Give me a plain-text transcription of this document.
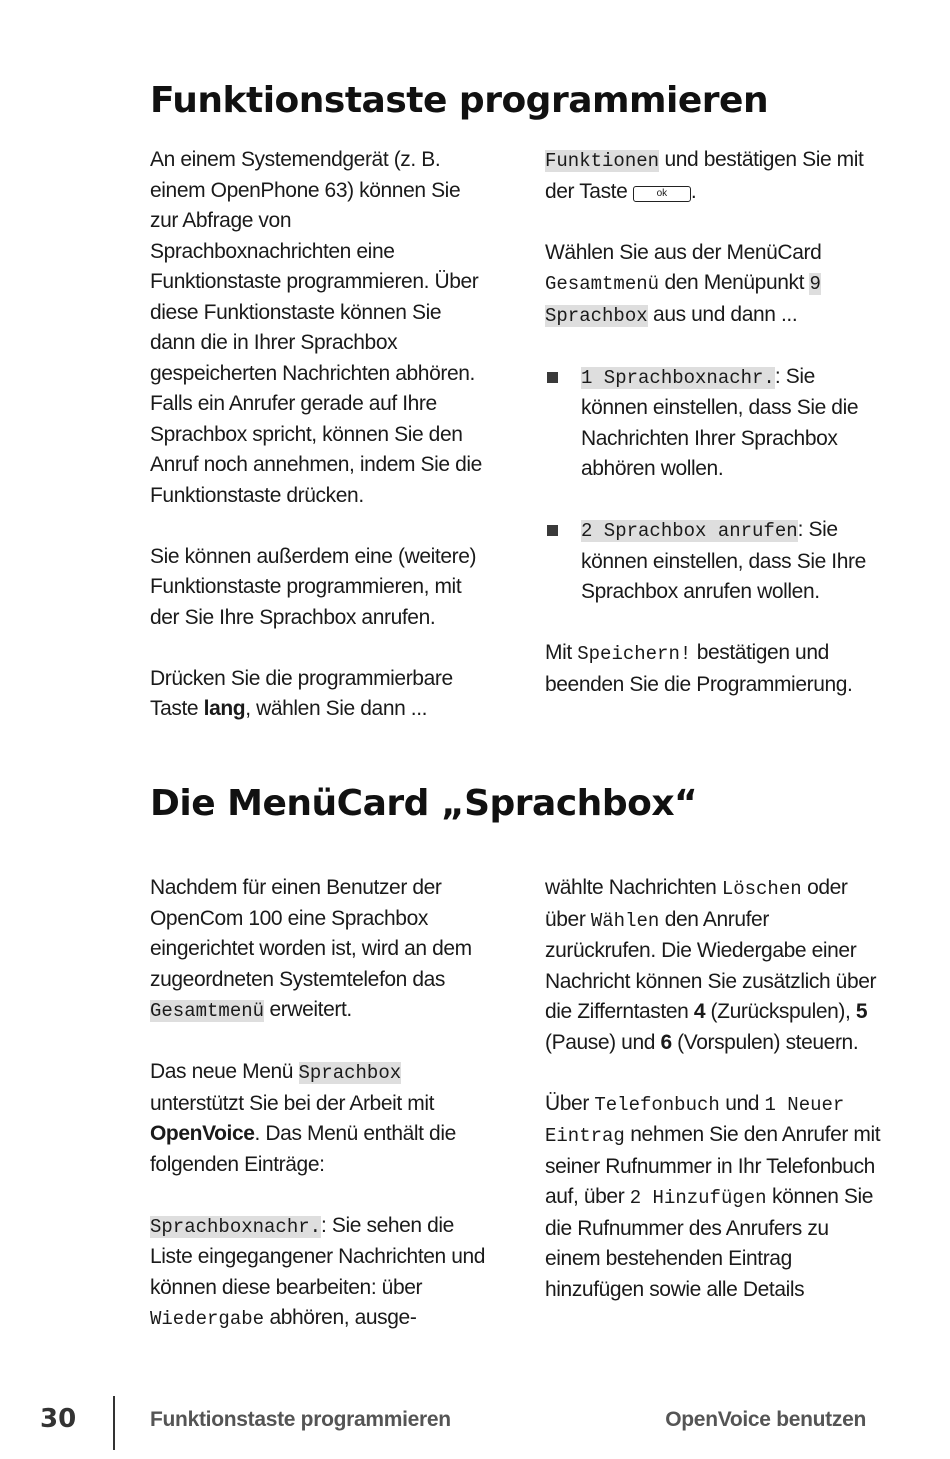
Funktionstaste programmieren

An einem Systemendgerät (z. B. einem OpenPhone 63) können Sie zur Abfrage von Sprachboxnachrichten eine Funktionstaste programmieren. Über diese Funktionstaste können Sie dann die in Ihrer Sprachbox gespeicherten Nachrichten abhören. Falls ein Anrufer gerade auf Ihre Sprachbox spricht, können Sie den Anruf noch annehmen, indem Sie die Funktionstaste drücken.

Sie können außerdem eine (weitere) Funktionstaste programmieren, mit der Sie Ihre Sprachbox anrufen.

Drücken Sie die programmierbare Taste lang, wählen Sie dann ...

Funktionen und bestätigen Sie mit der Taste ok .

Wählen Sie aus der MenüCard Gesamtmenü den Menüpunkt 9 Sprachbox aus und dann ...

1 Sprachboxnachr.: Sie können einstellen, dass Sie die Nachrichten Ihrer Sprachbox abhören wollen.

2 Sprachbox anrufen: Sie können einstellen, dass Sie Ihre Sprachbox anrufen wollen.

Mit Speichern! bestätigen und beenden Sie die Programmierung.

Die MenüCard „Sprachbox“

Nachdem für einen Benutzer der OpenCom 100 eine Sprachbox eingerichtet worden ist, wird an dem zugeordneten Systemtelefon das Gesamtmenü erweitert.

Das neue Menü Sprachbox unterstützt Sie bei der Arbeit mit OpenVoice. Das Menü enthält die folgenden Einträge:

Sprachboxnachr.: Sie sehen die Liste eingegangener Nachrichten und können diese bearbeiten: über Wiedergabe abhören, ausge-

wählte Nachrichten Löschen oder über Wählen den Anrufer zurückrufen. Die Wiedergabe einer Nachricht können Sie zusätzlich über die Zifferntasten 4 (Zurückspulen), 5 (Pause) und 6 (Vorspulen) steuern.

Über Telefonbuch und 1 Neuer Eintrag nehmen Sie den Anrufer mit seiner Rufnummer in Ihr Telefonbuch auf, über 2 Hinzufügen können Sie die Rufnummer des Anrufers zu einem bestehenden Eintrag hinzufügen sowie alle Details

30	Funktionstaste programmieren	OpenVoice benutzen
